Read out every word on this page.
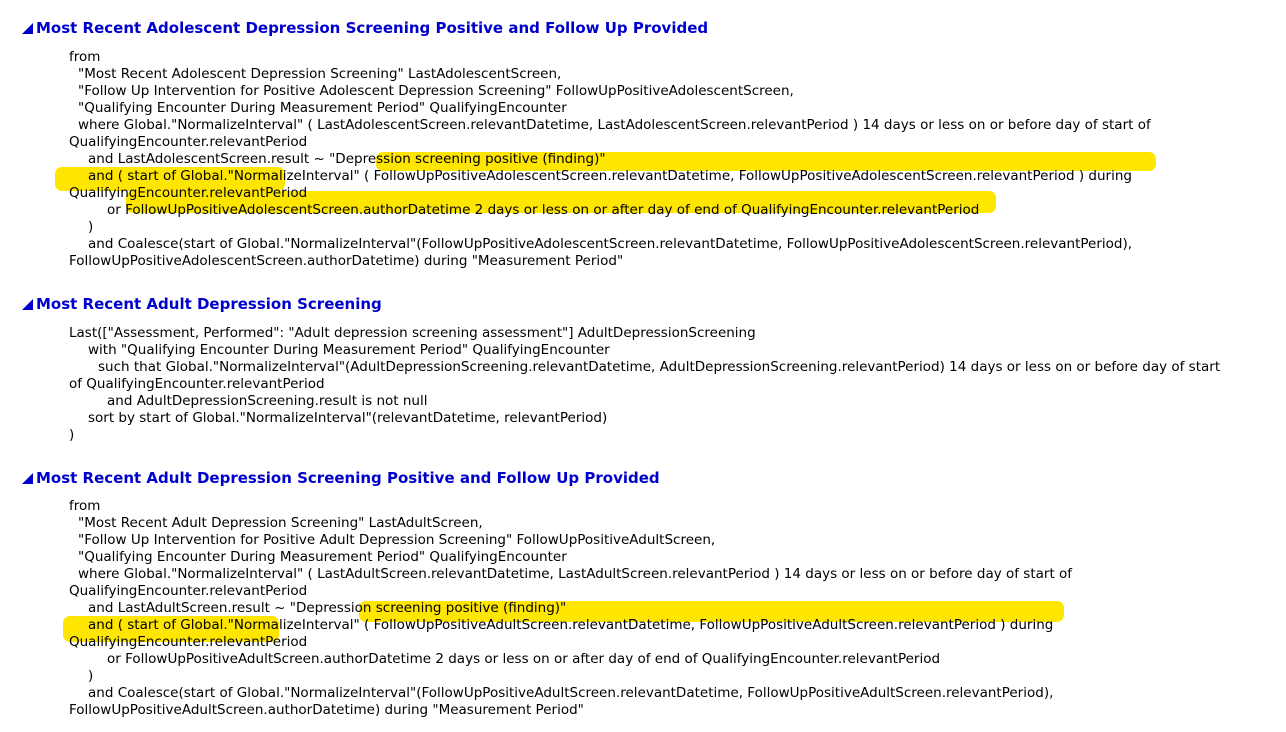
Most Recent Adolescent Depression Screening Positive and Follow Up Provided
from
"Most Recent Adolescent Depression Screening" LastAdolescentScreen,
"Follow Up Intervention for Positive Adolescent Depression Screening" FollowUpPositiveAdolescentScreen,
"Qualifying Encounter During Measurement Period" QualifyingEncounter
where Global."NormalizeInterval" ( LastAdolescentScreen.relevantDatetime, LastAdolescentScreen.relevantPeriod ) 14 days or less on or before day of start of
QualifyingEncounter.relevantPeriod
and LastAdolescentScreen.result ~ "Depression screening positive (finding)"
and ( start of Global."NormalizeInterval" ( FollowUpPositiveAdolescentScreen.relevantDatetime, FollowUpPositiveAdolescentScreen.relevantPeriod ) during
QualifyingEncounter.relevantPeriod
or FollowUpPositiveAdolescentScreen.authorDatetime 2 days or less on or after day of end of QualifyingEncounter.relevantPeriod
)
and Coalesce(start of Global."NormalizeInterval"(FollowUpPositiveAdolescentScreen.relevantDatetime, FollowUpPositiveAdolescentScreen.relevantPeriod),
FollowUpPositiveAdolescentScreen.authorDatetime) during "Measurement Period"
Most Recent Adult Depression Screening
Last(["Assessment, Performed": "Adult depression screening assessment"] AdultDepressionScreening
with "Qualifying Encounter During Measurement Period" QualifyingEncounter
such that Global."NormalizeInterval"(AdultDepressionScreening.relevantDatetime, AdultDepressionScreening.relevantPeriod) 14 days or less on or before day of start
of QualifyingEncounter.relevantPeriod
and AdultDepressionScreening.result is not null
sort by start of Global."NormalizeInterval"(relevantDatetime, relevantPeriod)
)
Most Recent Adult Depression Screening Positive and Follow Up Provided
from
"Most Recent Adult Depression Screening" LastAdultScreen,
"Follow Up Intervention for Positive Adult Depression Screening" FollowUpPositiveAdultScreen,
"Qualifying Encounter During Measurement Period" QualifyingEncounter
where Global."NormalizeInterval" ( LastAdultScreen.relevantDatetime, LastAdultScreen.relevantPeriod ) 14 days or less on or before day of start of
QualifyingEncounter.relevantPeriod
and LastAdultScreen.result ~ "Depression screening positive (finding)"
and ( start of Global."NormalizeInterval" ( FollowUpPositiveAdultScreen.relevantDatetime, FollowUpPositiveAdultScreen.relevantPeriod ) during
QualifyingEncounter.relevantPeriod
or FollowUpPositiveAdultScreen.authorDatetime 2 days or less on or after day of end of QualifyingEncounter.relevantPeriod
)
and Coalesce(start of Global."NormalizeInterval"(FollowUpPositiveAdultScreen.relevantDatetime, FollowUpPositiveAdultScreen.relevantPeriod),
FollowUpPositiveAdultScreen.authorDatetime) during "Measurement Period"
